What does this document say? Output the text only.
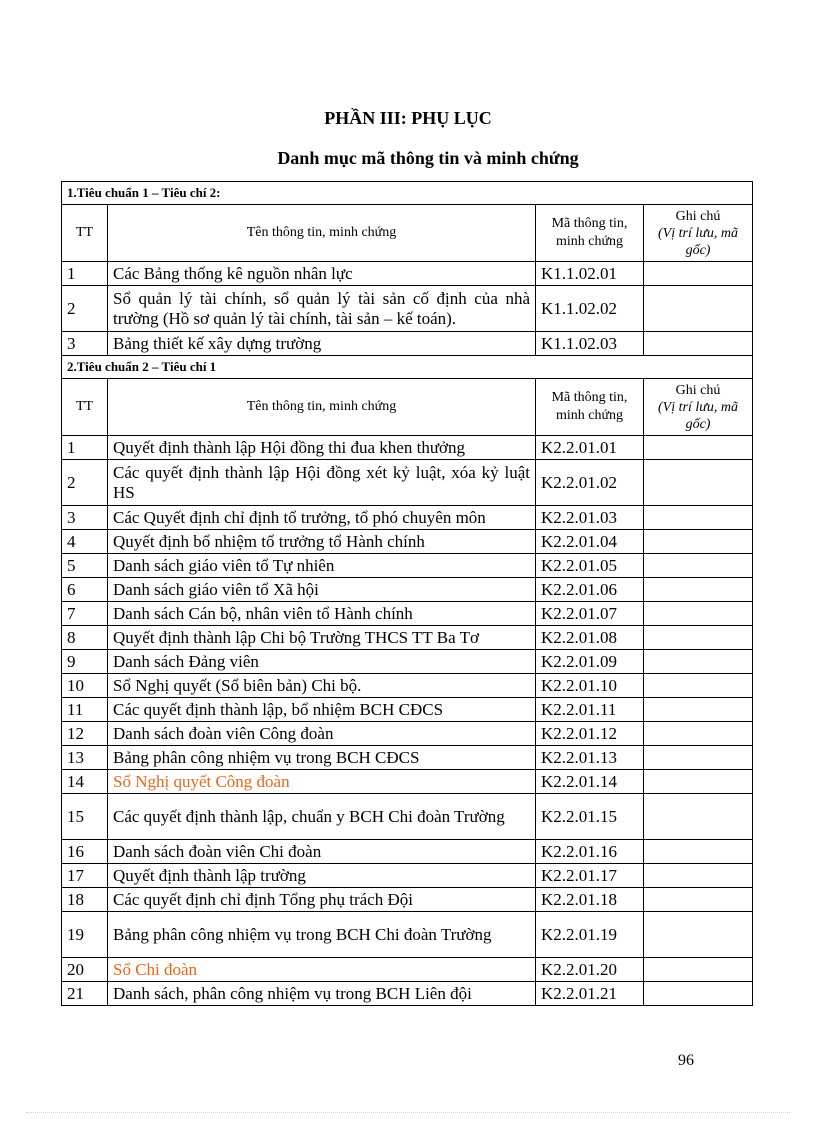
PHẦN III: PHỤ LỤC
Danh mục mã thông tin và minh chứng
1.Tiêu chuẩn 1 – Tiêu chí 2:			
TT	Tên thông tin, minh chứng	Mã thông tin, minh chứng	Ghi chú
(Vị trí lưu, mã gốc)
1	Các Bảng thống kê nguồn nhân lực	K1.1.02.01	
2	Sổ quản lý tài chính, sổ quản lý tài sản cố định của nhà trường (Hồ sơ quản lý tài chính, tài sản – kế toán).	K1.1.02.02	
3	Bảng thiết kế xây dựng trường	K1.1.02.03	
2.Tiêu chuẩn 2 – Tiêu chí 1			
TT	Tên thông tin, minh chứng	Mã thông tin, minh chứng	Ghi chú
(Vị trí lưu, mã gốc)
1	Quyết định thành lập Hội đồng thi đua khen thưởng	K2.2.01.01	
2	Các quyết định thành lập Hội đồng xét kỷ luật, xóa kỷ luật HS	K2.2.01.02	
3	Các Quyết định chỉ định tổ trưởng, tổ phó chuyên môn	K2.2.01.03	
4	Quyết định bổ nhiệm tổ trưởng tổ Hành chính	K2.2.01.04	
5	Danh sách giáo viên tổ Tự nhiên	K2.2.01.05	
6	Danh sách giáo viên tổ Xã hội	K2.2.01.06	
7	Danh sách Cán bộ, nhân viên tổ Hành chính	K2.2.01.07	
8	Quyết định thành lập Chi bộ Trường THCS TT Ba Tơ	K2.2.01.08	
9	Danh sách Đảng viên	K2.2.01.09	
10	Sổ Nghị quyết (Sổ biên bản) Chi bộ.	K2.2.01.10	
11	Các quyết định thành lập, bổ nhiệm BCH CĐCS	K2.2.01.11	
12	Danh sách đoàn viên Công đoàn	K2.2.01.12	
13	Bảng phân công nhiệm vụ trong BCH CĐCS	K2.2.01.13	
14	Sổ Nghị quyết Công đoàn	K2.2.01.14	
15	Các quyết định thành lập, chuẩn y BCH Chi đoàn Trường	K2.2.01.15	
16	Danh sách đoàn viên Chi đoàn	K2.2.01.16	
17	Quyết định thành lập trường	K2.2.01.17	
18	Các quyết định chỉ định Tổng phụ trách Đội	K2.2.01.18	
19	Bảng phân công nhiệm vụ trong BCH Chi đoàn Trường	K2.2.01.19	
20	Sổ Chi đoàn	K2.2.01.20	
21	Danh sách, phân công nhiệm vụ trong BCH Liên đội	K2.2.01.21	
96
